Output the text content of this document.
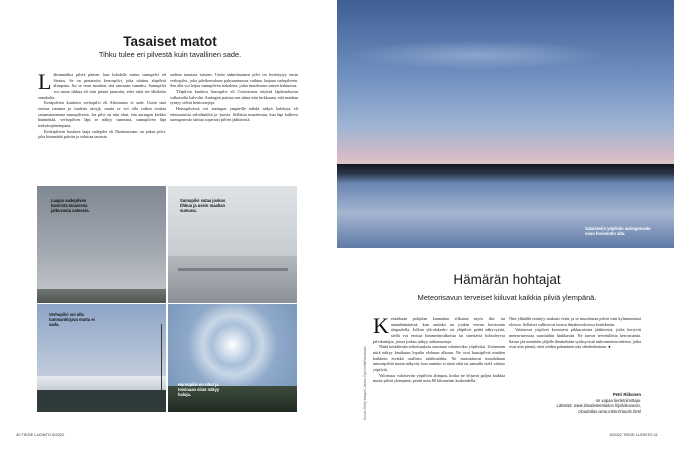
Tasaiset matot
Tihku tulee eri pilvestä kuin tavallinen sade.
L ähimmäiksi pilviä pääsee, kun kohdalle sattuu sumupilvi eli Stratus. Se on pintaosiin kerrospilvi, joka ulottuu alapilviä alimpana. Jos se osuu maahan, sitä sanotaan sumuksi. Sumupilvi voi nasaa tihkua eli niin pieniä pisaroita, ettei niitä tee lähiköön ennakolta.

Kesäpilvien kuulaiva verhopilvi eli Altostratus ei sade. Usein sinä erottaa tummia ja vaaleita sävyjä, mutta se voi olla vaikea erottaa sataamattomana sumupilvestä. Jos pilvi on niin ohut, että auringon kiekko häämöttää, verhopilven läpi se näkyy sumeana, sumupilven läpi terävärajaisempana.

Keskipilvien kuulava laaja sadepilvi eli Nimbostratus on paksu pilvi, joka himmätää päivän ja valuttaa tasaista

sadetta tunnista toiseen. Usein sääntömainen pilvi on levittäytyy ensin verhopilvi, joka pilvikerroksen paksuuntuessa vaihtuu laajaan sadepilveen. Sen alla voi leijua sumupilven riekaleita, jotka muodostuu sateen hahtuessa.

Yläpilvin kuulava harsopilvi eli Cirrostratus näyttää läpikuultavan valkoiselta kalvolta. Auringon paistaa sen takaa niin kirkkaana, että maahan syntyy selviä heittovarjoja.

Harsopilvessä voi auringon ympärille nähdä näkyä halokoja eli erimuotoisia valoilmiöitä ja -juovia. Sellaisia muodostuu, kun läpi kulkeva auringonvalo taittuu sopivasti pilven jääkiteistä.

Laajan sadepilven kannista tasaisena jatkuvasta sateesta.
Sumupilvi sataa joskus tihkua ja usein maahan sumuna.
Verhopilvi voi olla tummankirjava mutta ei sada.
Harsopilvi on ohut ja toisinaan siinä näkyy haloja.
40 TIEDE LUONTO 5/2022
Valaiseviin yöpilviin auringonvalo osuu horisontin alta.
Hämärän hohtajat
Meteorisavun terveiset kiiluvat kaikkia pilviä ylempänä.
Kuvat: Getty Images, Jarmo Gynnhellä/Vastavalo
K esäaikaan pohjolan kannattaa vilkaista myös ilta- tai aamuhämärässä, kun aurinko on jonkin verran horisontin alapuolella. Jolloin ylä-alakeski- tai yläpilvet peittä näkyvyyttä, siellä voi erottaa himmeänvalkoisia tai sinertäviä hohtoleyvia pilvikuitujia, joissa joskus näkyy aaltomuotoja.

Näitä keskikesän erikoisuuksia sanotaan valaiseviksi yöpilviksi. Useimmin niitä näkyy kesäkuun lopulta elokuun alkuun. Ne ovat kuusipilviä muiden kaikkein eivätkä osallistu sääilmiöihin. Ne muistuttavat muodoltaan untuvapilviä mutta näkyvät, kun aurinko ei tässä eikä tai aamulla vielä valaise yöpilviä.

Valoisuus valaiseviin yöpilviin alimpaa, koska ne leijuvat paljon kaikkia muita pilviä ylempänä: peräti noin 80 kilometrin korkeudella.

Niin ylhäällä esiintyy niukasti vettä, ja se muodostaa pilviä vain kylmimmissä oloissa. Sellaiset vallitsevat tuossa ilmakerroksessa keskikesän.

Valaisevat yöpilvet koostuvat pikkuruisista jääkiteistä, jotka kertyvät meteorisavusta saasttuihin hiukkasiin. Ne tuovat tervetulleita kerrostumia. Savua jää nimittäin jäljelle ilmakehään syöksyvistä mikrometeoroideista, jotka ovat niin pieniä, ettei niiden palaminen näy tähdenlentona. ●

Petri Riikonen
on vapaa tiedetoimittaja.
Lähteitä: www.ilmatieteenlaitos.fi/pilvikuvasto, cloudatlas.wmo.int/en/clouds.html
5/2022 TIEDE LUONTO 41
